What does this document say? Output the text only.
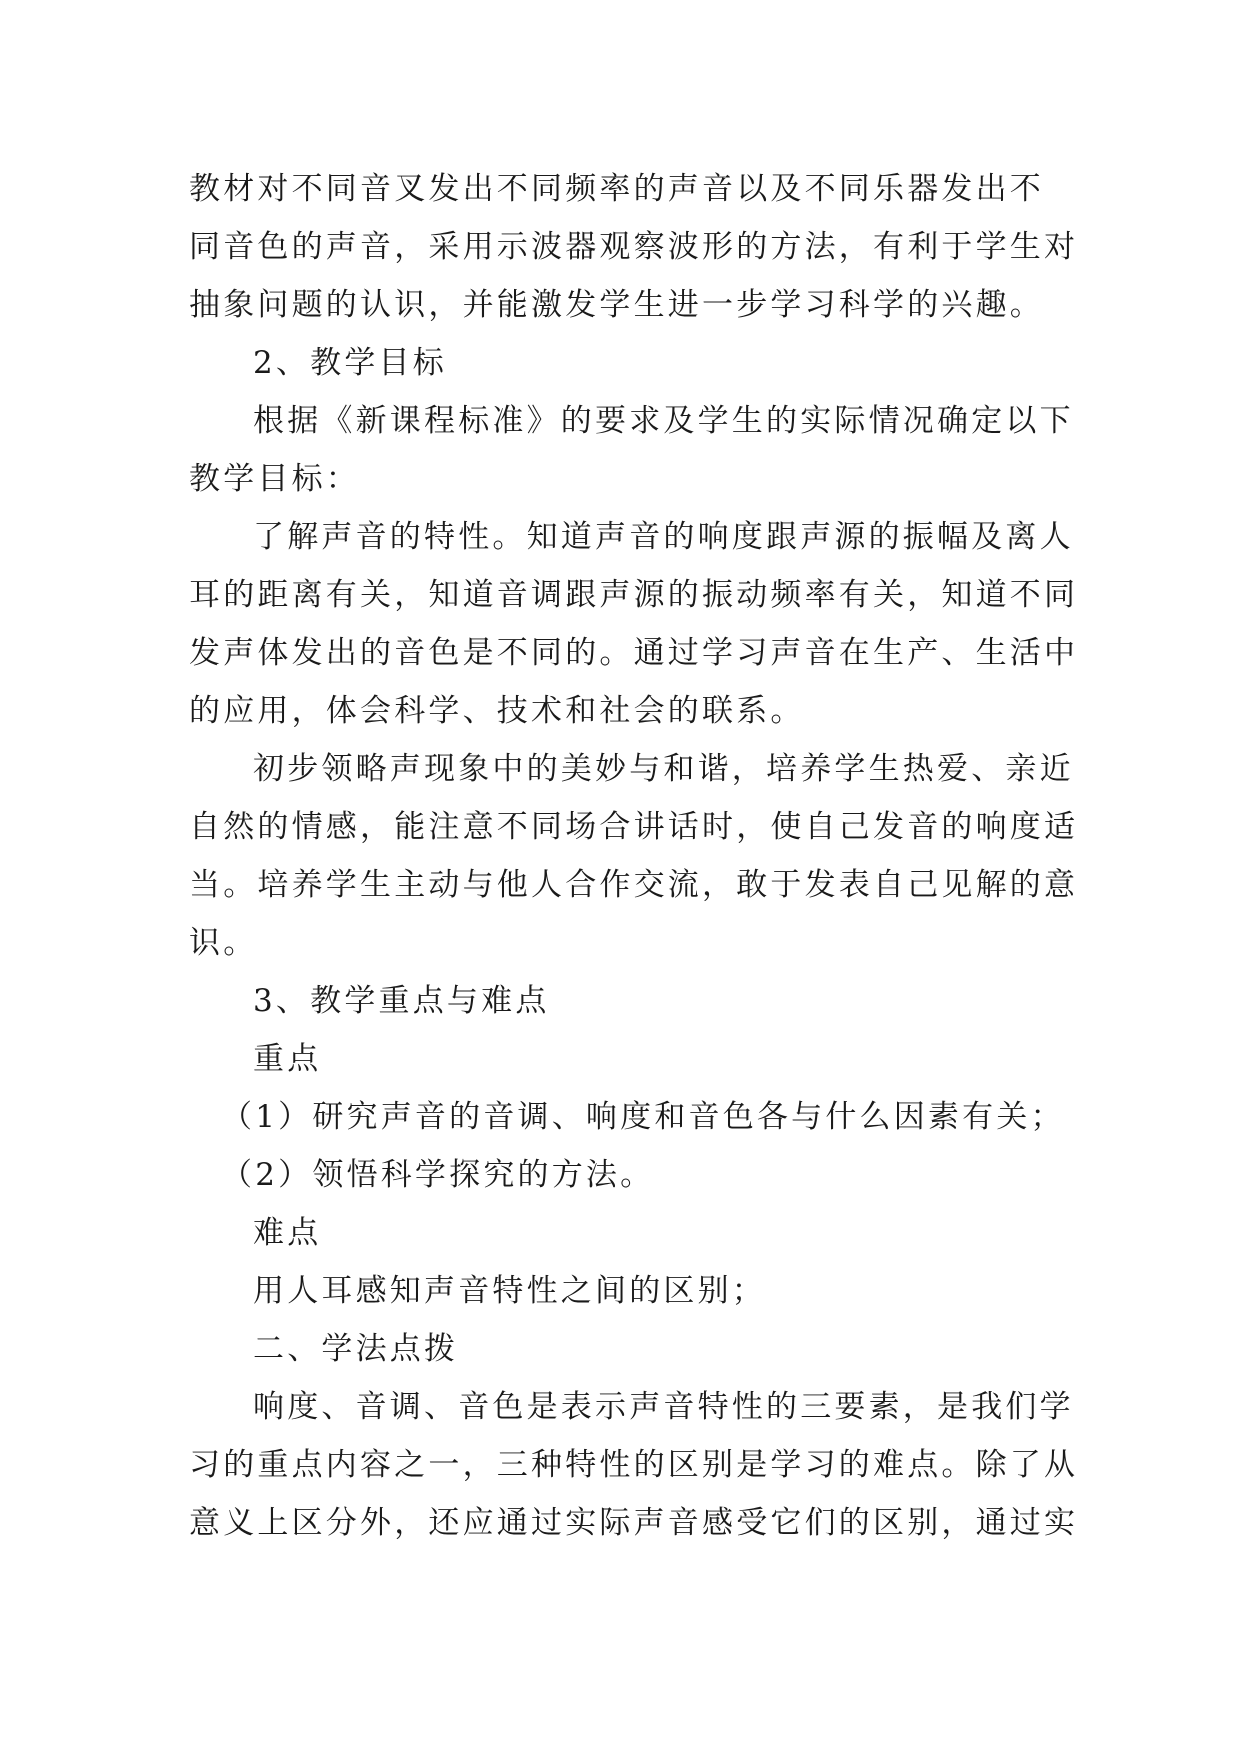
教材对不同音叉发出不同频率的声音以及不同乐器发出不
同音色的声音，采用示波器观察波形的方法，有利于学生对
抽象问题的认识，并能激发学生进一步学习科学的兴趣。
2、教学目标
根据《新课程标准》的要求及学生的实际情况确定以下
教学目标：
了解声音的特性。知道声音的响度跟声源的振幅及离人
耳的距离有关，知道音调跟声源的振动频率有关，知道不同
发声体发出的音色是不同的。通过学习声音在生产、生活中
的应用，体会科学、技术和社会的联系。
初步领略声现象中的美妙与和谐，培养学生热爱、亲近
自然的情感，能注意不同场合讲话时，使自己发音的响度适
当。培养学生主动与他人合作交流，敢于发表自己见解的意
识。
3、教学重点与难点
重点
（1）研究声音的音调、响度和音色各与什么因素有关；
（2）领悟科学探究的方法。
难点
用人耳感知声音特性之间的区别；
二、学法点拨
响度、音调、音色是表示声音特性的三要素，是我们学
习的重点内容之一，三种特性的区别是学习的难点。除了从
意义上区分外，还应通过实际声音感受它们的区别，通过实
